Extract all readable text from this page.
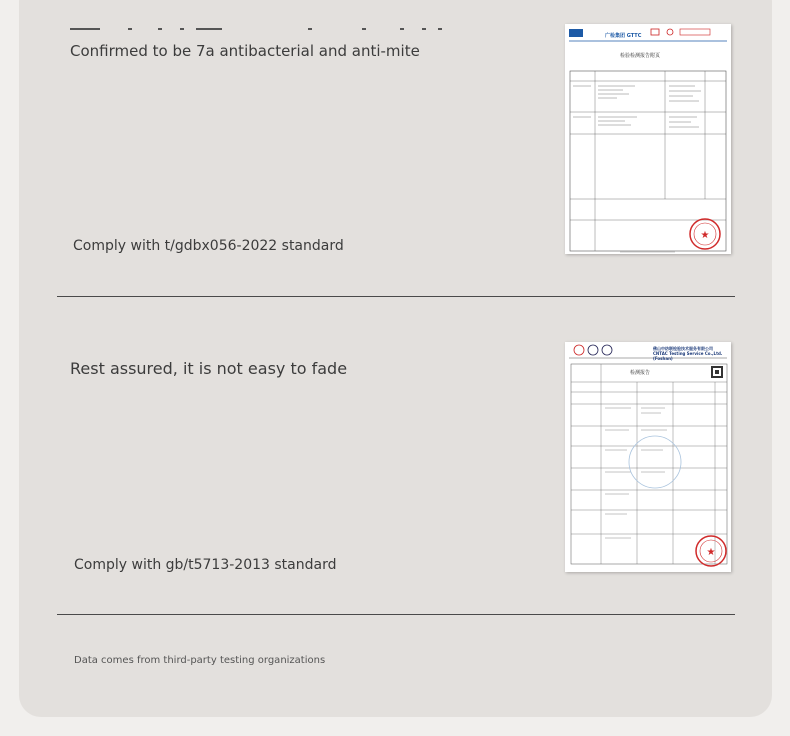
Confirmed to be 7a antibacterial and anti-mite
Comply with t/gdbx056-2022 standard
★
广检集团 GTTC
检验检测报告附页
Rest assured, it is not easy to fade
Comply with gb/t5713-2013 standard
★
佛山中纺联检验技术服务有限公司 CNTAC Testing Service Co.,Ltd.(Foshan)
检测报告
Data comes from third-party testing organizations
